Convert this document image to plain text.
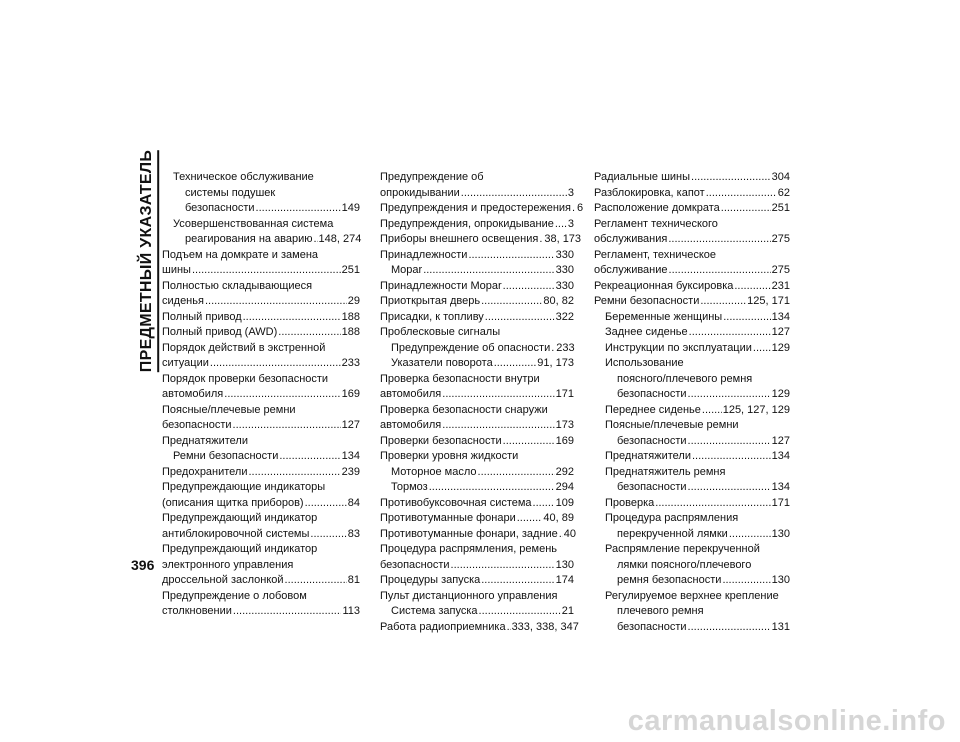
ПРЕДМЕТНЫЙ УКАЗАТЕЛЬ	Техническое обслуживание
системы подушек
безопасности .....	149
Усовершенствованная система
реагирования на аварию ..... 148, 274
Подъем на домкрате и замена
шины .....	251
Полностью складывающиеся
сиденья .....	29
Полный привод .....	188
Полный привод (AWD) .....	188
Порядок действий в экстренной
ситуации .....	233
Порядок проверки безопасности
автомобиля .....	169
Поясные/плечевые ремни
безопасности .....	127
Преднатяжители
Ремни безопасности .....	134
Предохранители .....	239
Предупреждающие индикаторы
(описания щитка приборов) .....	84
Предупреждающий индикатор
антиблокировочной системы .....	83
Предупреждающий индикатор
электронного управления
дроссельной заслонкой .....	81
Предупреждение о лобовом
столкновении .....	113
Предупреждение об
опрокидывании .....	3
Предупреждения и предостережения ..... 6
Предупреждения, опрокидывание ..... 3
Приборы внешнего освещения ..... 38, 173
Принадлежности .....	330
Mopar .....	330
Принадлежности Mopar .....	330
Приоткрытая дверь .....	80, 82
Присадки, к топливу .....	322
Проблесковые сигналы
Предупреждение об опасности ..... 233
Указатели поворота .....	91, 173
Проверка безопасности внутри
автомобиля .....	171
Проверка безопасности снаружи
автомобиля .....	173
Проверки безопасности .....	169
Проверки уровня жидкости
Моторное масло .....	292
Тормоз .....	294
Противобуксовочная система ..... 109
Противотуманные фонари .....	40, 89
Противотуманные фонари, задние ..... 40
Процедура распрямления, ремень
безопасности .....	130
Процедуры запуска .....	174
Пульт дистанционного управления
Система запуска .....	21
Работа радиоприемника ..... 333, 338, 347
Радиальные шины .....	304
Разблокировка, капот .....	62
Расположение домкрата .....	251
Регламент технического
обслуживания .....	275
Регламент, техническое
обслуживание .....	275
Рекреационная буксировка .....	231
Ремни безопасности .....	125, 171
Беременные женщины .....	134
Заднее сиденье .....	127
Инструкции по эксплуатации ..... 129
Использование
поясного/плечевого ремня
безопасности .....	129
Переднее сиденье ..... 125, 127, 129
Поясные/плечевые ремни
безопасности .....	127
Преднатяжители .....	134
Преднатяжитель ремня
безопасности .....	134
Проверка .....	171
Процедура распрямления
перекрученной лямки .....	130
Распрямление перекрученной
лямки поясного/плечевого
ремня безопасности .....	130
Регулируемое верхнее крепление
плечевого ремня
безопасности .....	131
396
carmanualsonline.info
